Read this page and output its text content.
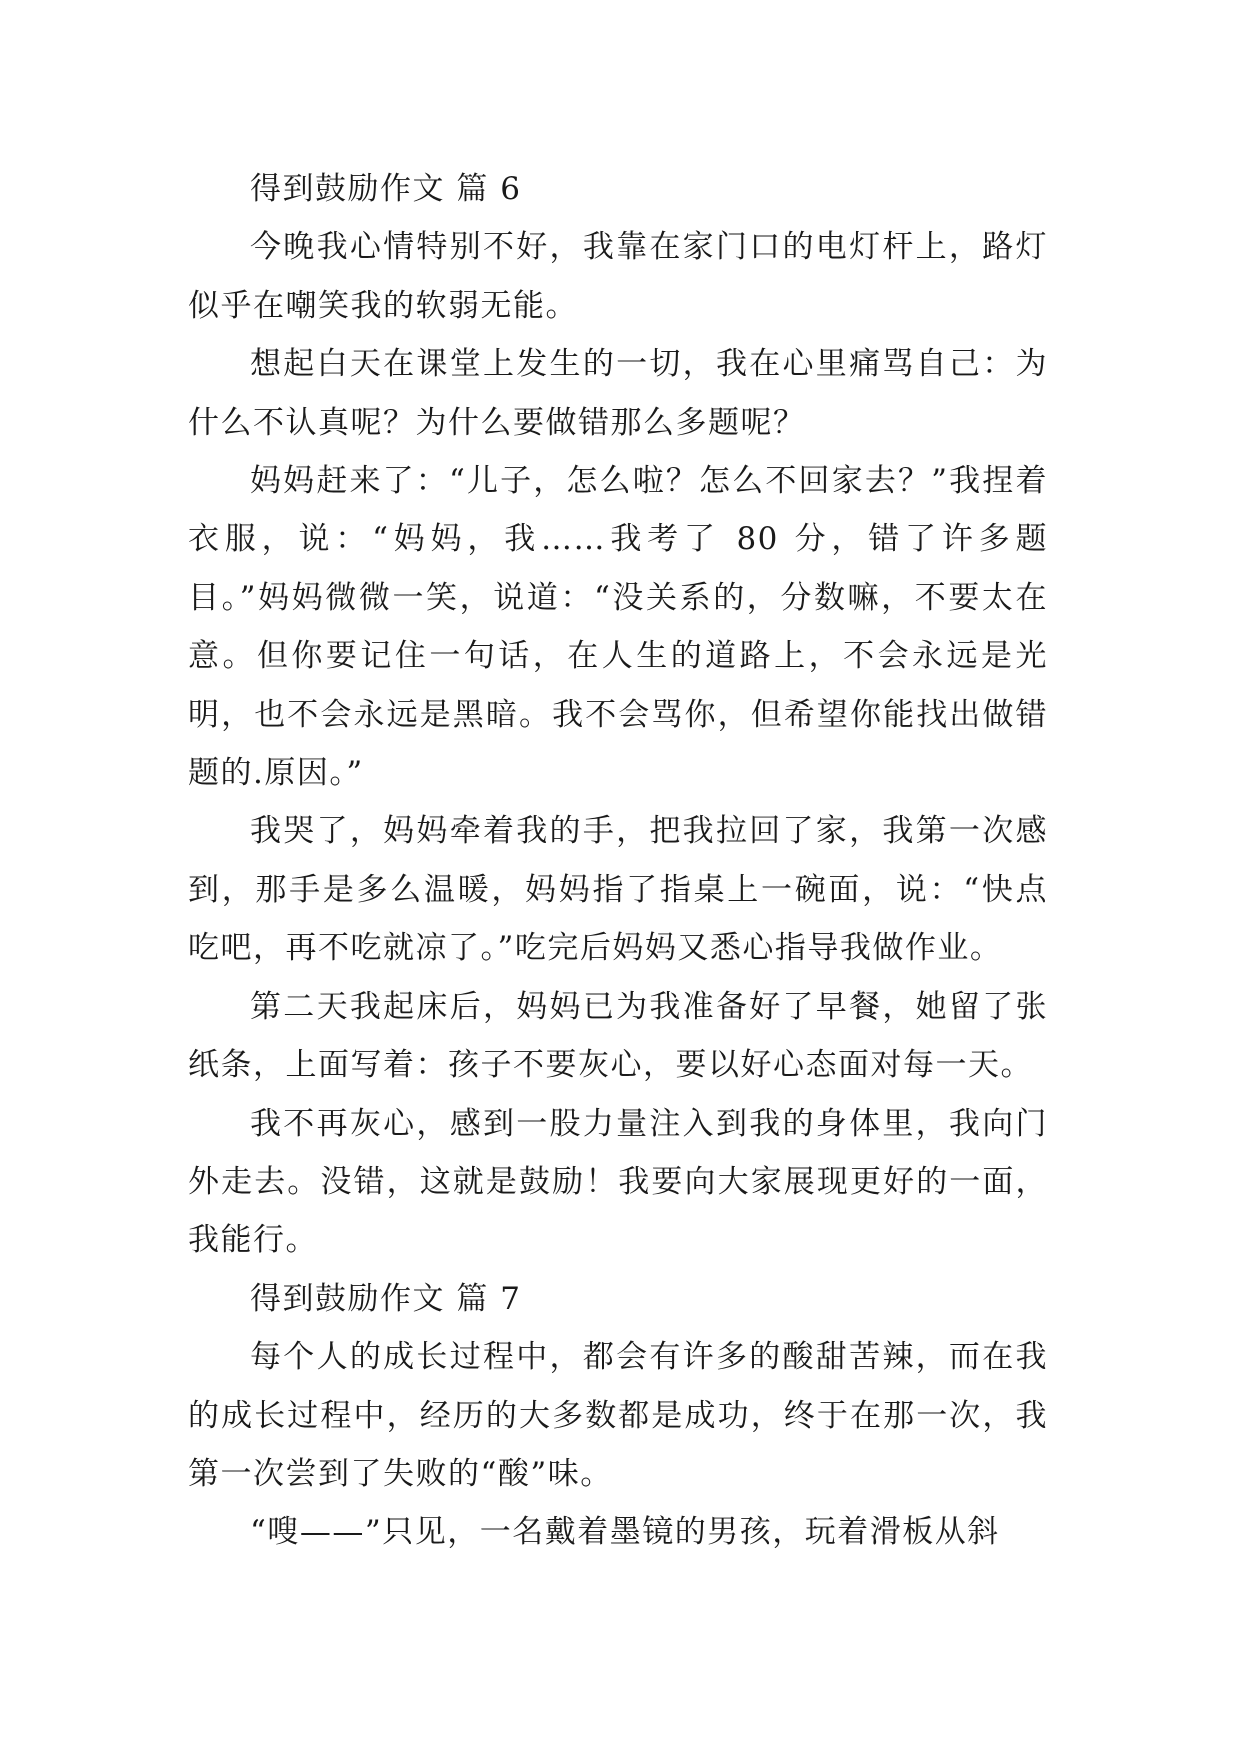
得到鼓励作文 篇 6

今晚我心情特别不好，我靠在家门口的电灯杆上，路灯似乎在嘲笑我的软弱无能。

想起白天在课堂上发生的一切，我在心里痛骂自己：为什么不认真呢？为什么要做错那么多题呢？

妈妈赶来了：“儿子，怎么啦？怎么不回家去？”我捏着衣服，说：“妈妈，我……我考了 80 分，错了许多题目。”妈妈微微一笑，说道：“没关系的，分数嘛，不要太在意。但你要记住一句话，在人生的道路上，不会永远是光明，也不会永远是黑暗。我不会骂你，但希望你能找出做错题的.原因。”

我哭了，妈妈牵着我的手，把我拉回了家，我第一次感到，那手是多么温暖，妈妈指了指桌上一碗面，说：“快点吃吧，再不吃就凉了。”吃完后妈妈又悉心指导我做作业。

第二天我起床后，妈妈已为我准备好了早餐，她留了张纸条，上面写着：孩子不要灰心，要以好心态面对每一天。

我不再灰心，感到一股力量注入到我的身体里，我向门外走去。没错，这就是鼓励！我要向大家展现更好的一面，我能行。

得到鼓励作文 篇 7

每个人的成长过程中，都会有许多的酸甜苦辣，而在我的成长过程中，经历的大多数都是成功，终于在那一次，我第一次尝到了失败的“酸”味。

“嗖——”只见，一名戴着墨镜的男孩，玩着滑板从斜
